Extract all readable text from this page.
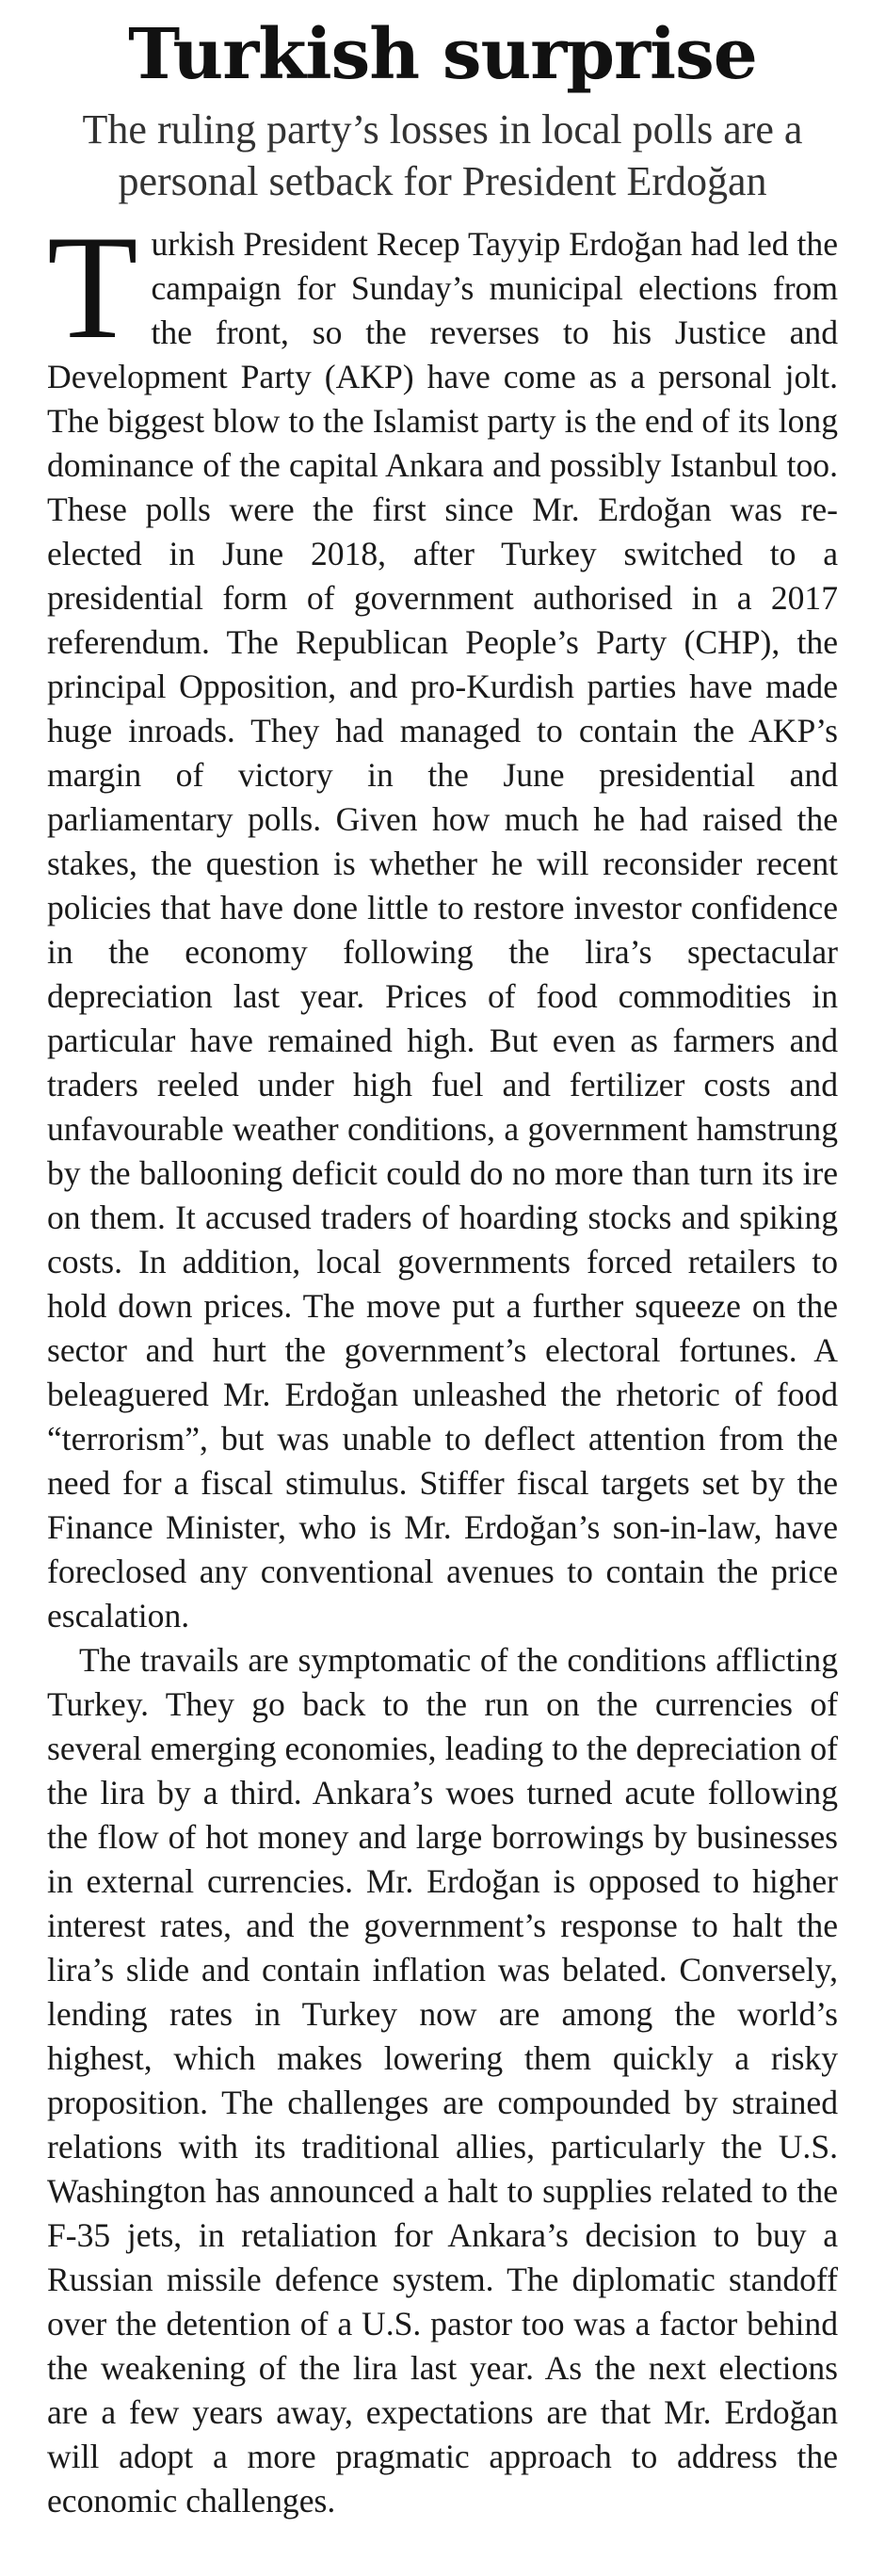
Turkish surprise
The ruling party’s losses in local polls are a personal setback for President Erdoğan

Turkish President Recep Tayyip Erdoğan had led the campaign for Sunday’s municipal elections from the front, so the reverses to his Justice and Development Party (AKP) have come as a personal jolt. The biggest blow to the Islamist party is the end of its long dominance of the capital Ankara and possibly Istanbul too. These polls were the first since Mr. Erdoğan was re-elected in June 2018, after Turkey switched to a presidential form of government authorised in a 2017 referendum. The Republican People’s Party (CHP), the principal Opposition, and pro-Kurdish parties have made huge inroads. They had managed to contain the AKP’s margin of victory in the June presidential and parliamentary polls. Given how much he had raised the stakes, the question is whether he will reconsider recent policies that have done little to restore investor confidence in the economy following the lira’s spectacular depreciation last year. Prices of food commodities in particular have remained high. But even as farmers and traders reeled under high fuel and fertilizer costs and unfavourable weather conditions, a government hamstrung by the ballooning deficit could do no more than turn its ire on them. It accused traders of hoarding stocks and spiking costs. In addition, local governments forced retailers to hold down prices. The move put a further squeeze on the sector and hurt the government’s electoral fortunes. A beleaguered Mr. Erdoğan unleashed the rhetoric of food “terrorism”, but was unable to deflect attention from the need for a fiscal stimulus. Stiffer fiscal targets set by the Finance Minister, who is Mr. Erdoğan’s son-in-law, have foreclosed any conventional avenues to contain the price escalation.

The travails are symptomatic of the conditions afflicting Turkey. They go back to the run on the currencies of several emerging economies, leading to the depreciation of the lira by a third. Ankara’s woes turned acute following the flow of hot money and large borrowings by businesses in external currencies. Mr. Erdoğan is opposed to higher interest rates, and the government’s response to halt the lira’s slide and contain inflation was belated. Conversely, lending rates in Turkey now are among the world’s highest, which makes lowering them quickly a risky proposition. The challenges are compounded by strained relations with its traditional allies, particularly the U.S. Washington has announced a halt to supplies related to the F-35 jets, in retaliation for Ankara’s decision to buy a Russian missile defence system. The diplomatic standoff over the detention of a U.S. pastor too was a factor behind the weakening of the lira last year. As the next elections are a few years away, expectations are that Mr. Erdoğan will adopt a more pragmatic approach to address the economic challenges.
